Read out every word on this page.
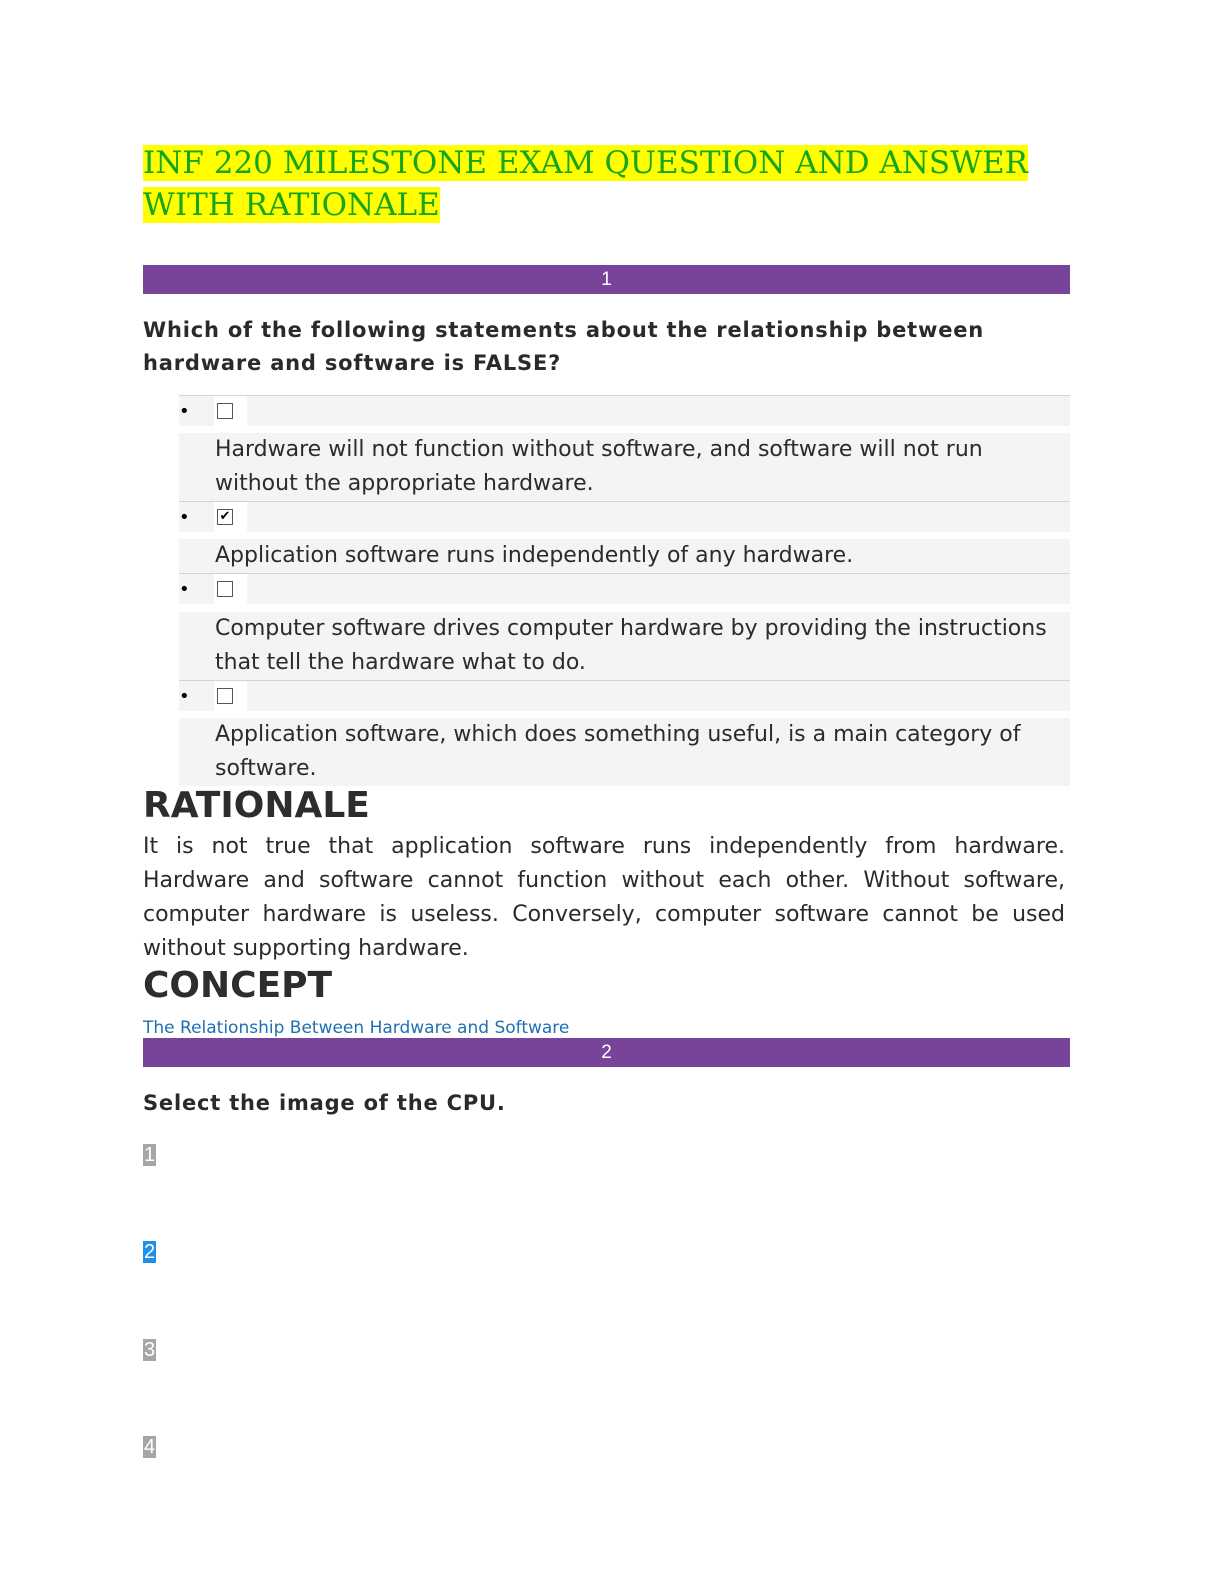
INF 220 MILESTONE EXAM QUESTION AND ANSWER WITH RATIONALE
1

Which of the following statements about the relationship between hardware and software is FALSE?

•
Hardware will not function without software, and software will not run without the appropriate hardware.
• ✔
Application software runs independently of any hardware.
•
Computer software drives computer hardware by providing the instructions that tell the hardware what to do.
•
Application software, which does something useful, is a main category of software.
RATIONALE

It is not true that application software runs independently from hardware. Hardware and software cannot function without each other. Without software, computer hardware is useless. Conversely, computer software cannot be used without supporting hardware.

CONCEPT
The Relationship Between Hardware and Software
2

Select the image of the CPU.

1
2
3
4
